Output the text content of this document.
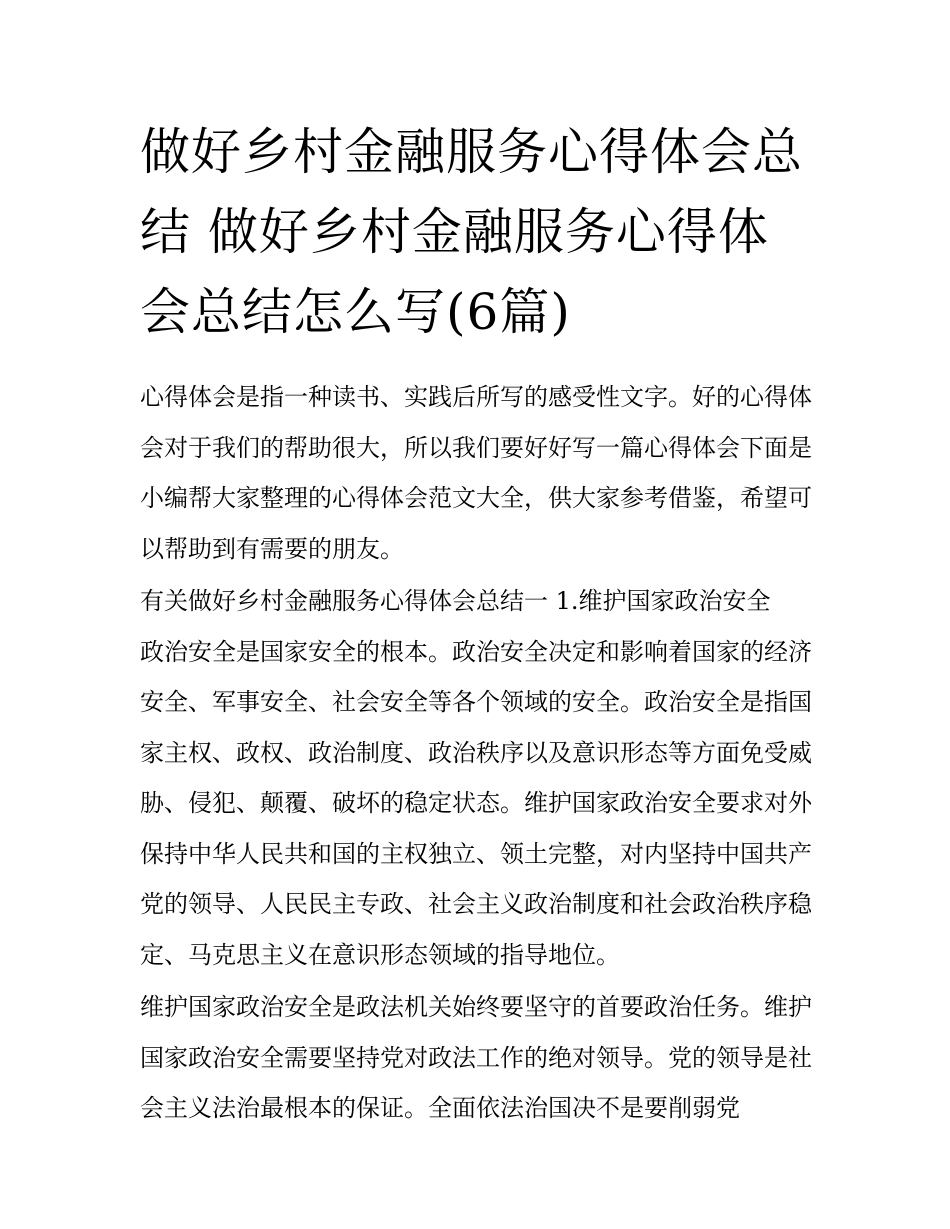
做好乡村金融服务心得体会总结 做好乡村金融服务心得体会总结怎么写(6篇)

心得体会是指一种读书、实践后所写的感受性文字。好的心得体会对于我们的帮助很大，所以我们要好好写一篇心得体会下面是小编帮大家整理的心得体会范文大全，供大家参考借鉴，希望可以帮助到有需要的朋友。

有关做好乡村金融服务心得体会总结一 1.维护国家政治安全

政治安全是国家安全的根本。政治安全决定和影响着国家的经济安全、军事安全、社会安全等各个领域的安全。政治安全是指国家主权、政权、政治制度、政治秩序以及意识形态等方面免受威胁、侵犯、颠覆、破坏的稳定状态。维护国家政治安全要求对外保持中华人民共和国的主权独立、领土完整，对内坚持中国共产党的领导、人民民主专政、社会主义政治制度和社会政治秩序稳定、马克思主义在意识形态领域的指导地位。

维护国家政治安全是政法机关始终要坚守的首要政治任务。维护国家政治安全需要坚持党对政法工作的绝对领导。党的领导是社会主义法治最根本的保证。全面依法治国决不是要削弱党
